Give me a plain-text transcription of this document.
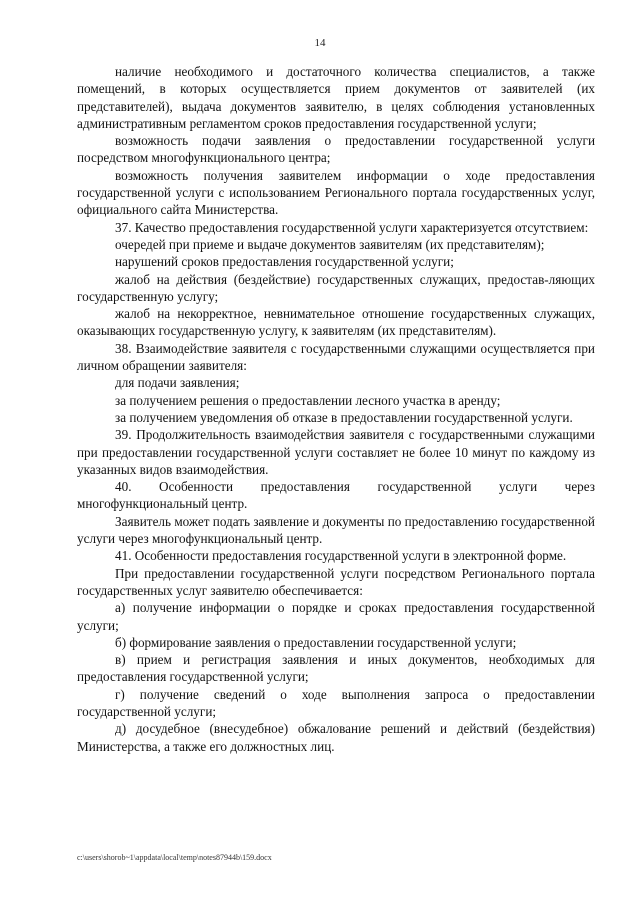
14

наличие необходимого и достаточного количества специалистов, а также помещений, в которых осуществляется прием документов от заявителей (их представителей), выдача документов заявителю, в целях соблюдения установленных административным регламентом сроков предоставления государственной услуги;

возможность подачи заявления о предоставлении государственной услуги посредством многофункционального центра;

возможность получения заявителем информации о ходе предоставления государственной услуги с использованием Регионального портала государственных услуг, официального сайта Министерства.

37. Качество предоставления государственной услуги характеризуется отсутствием:

очередей при приеме и выдаче документов заявителям (их представителям);

нарушений сроков предоставления государственной услуги;

жалоб на действия (бездействие) государственных служащих, предостав-ляющих государственную услугу;

жалоб на некорректное, невнимательное отношение государственных служащих, оказывающих государственную услугу, к заявителям (их представителям).

38. Взаимодействие заявителя с государственными служащими осуществляется при личном обращении заявителя:

для подачи заявления;

за получением решения о предоставлении лесного участка в аренду;

за получением уведомления об отказе в предоставлении государственной услуги.

39. Продолжительность взаимодействия заявителя с государственными служащими при предоставлении государственной услуги составляет не более 10 минут по каждому из указанных видов взаимодействия.

40. Особенности предоставления государственной услуги через многофункциональный центр.

Заявитель может подать заявление и документы по предоставлению государственной услуги через многофункциональный центр.

41. Особенности предоставления государственной услуги в электронной форме.

При предоставлении государственной услуги посредством Регионального портала государственных услуг заявителю обеспечивается:

а) получение информации о порядке и сроках предоставления государственной услуги;

б) формирование заявления о предоставлении государственной услуги;

в) прием и регистрация заявления и иных документов, необходимых для предоставления государственной услуги;

г) получение сведений о ходе выполнения запроса о предоставлении государственной услуги;

д) досудебное (внесудебное) обжалование решений и действий (бездействия) Министерства, а также его должностных лиц.

c:\users\shorob~1\appdata\local\temp\notes87944b\159.docx
